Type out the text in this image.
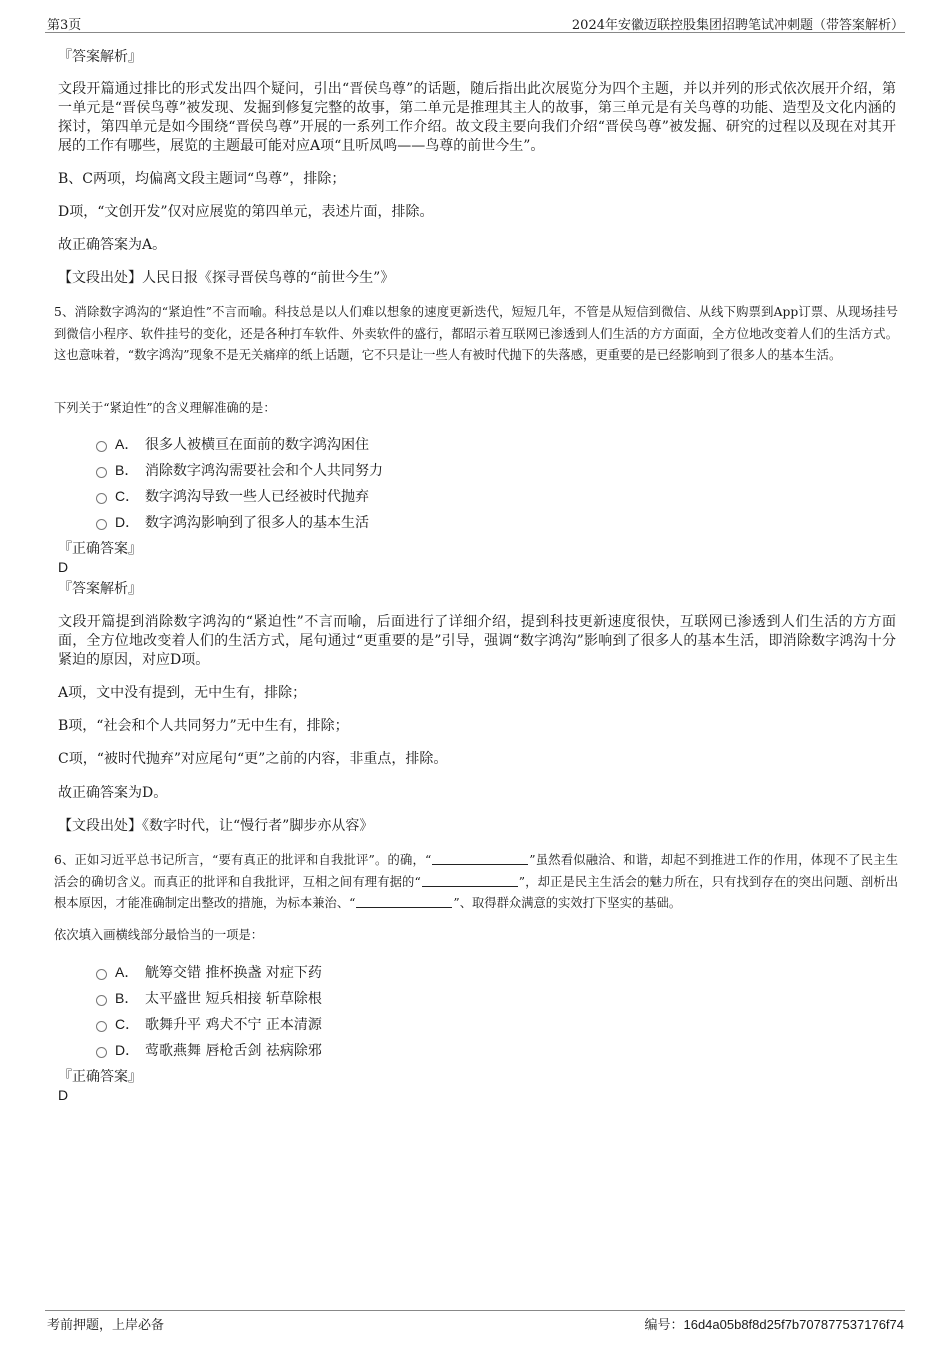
第3页	2024年安徽迈联控股集团招聘笔试冲刺题（带答案解析）

『答案解析』

文段开篇通过排比的形式发出四个疑问，引出“晋侯鸟尊”的话题，随后指出此次展览分为四个主题，并以并列的形式依次展开介绍，第一单元是“晋侯鸟尊”被发现、发掘到修复完整的故事，第二单元是推理其主人的故事，第三单元是有关鸟尊的功能、造型及文化内涵的探讨，第四单元是如今围绕“晋侯鸟尊”开展的一系列工作介绍。故文段主要向我们介绍“晋侯鸟尊”被发掘、研究的过程以及现在对其开展的工作有哪些，展览的主题最可能对应A项“且听凤鸣——鸟尊的前世今生”。

B、C两项，均偏离文段主题词“鸟尊”，排除；

D项，“文创开发”仅对应展览的第四单元，表述片面，排除。

故正确答案为A。

【文段出处】人民日报《探寻晋侯鸟尊的“前世今生”》

5、消除数字鸿沟的“紧迫性”不言而喻。科技总是以人们难以想象的速度更新迭代，短短几年，不管是从短信到微信、从线下购票到App订票、从现场挂号到微信小程序、软件挂号的变化，还是各种打车软件、外卖软件的盛行，都昭示着互联网已渗透到人们生活的方方面面，全方位地改变着人们的生活方式。这也意味着，“数字鸿沟”现象不是无关痛痒的纸上话题，它不只是让一些人有被时代抛下的失落感，更重要的是已经影响到了很多人的基本生活。

下列关于“紧迫性”的含义理解准确的是：

A． 很多人被横亘在面前的数字鸿沟困住
B． 消除数字鸿沟需要社会和个人共同努力
C． 数字鸿沟导致一些人已经被时代抛弃
D． 数字鸿沟影响到了很多人的基本生活

『正确答案』

D

『答案解析』

文段开篇提到消除数字鸿沟的“紧迫性”不言而喻，后面进行了详细介绍，提到科技更新速度很快，互联网已渗透到人们生活的方方面面，全方位地改变着人们的生活方式，尾句通过“更重要的是”引导，强调“数字鸿沟”影响到了很多人的基本生活，即消除数字鸿沟十分紧迫的原因，对应D项。

A项，文中没有提到，无中生有，排除；

B项，“社会和个人共同努力”无中生有，排除；

C项，“被时代抛弃”对应尾句“更”之前的内容，非重点，排除。

故正确答案为D。

【文段出处】《数字时代，让“慢行者”脚步亦从容》

6、正如习近平总书记所言，“要有真正的批评和自我批评”。的确，“	”虽然看似融洽、和谐，却起不到推进工作的作用，体现不了民主生活会的确切含义。而真正的批评和自我批评，互相之间有理有据的“	”，却正是民主生活会的魅力所在，只有找到存在的突出问题、剖析出根本原因，才能准确制定出整改的措施，为标本兼治、“	”、取得群众满意的实效打下坚实的基础。

依次填入画横线部分最恰当的一项是：

A． 觥筹交错 推杯换盏 对症下药
B． 太平盛世 短兵相接 斩草除根
C． 歌舞升平 鸡犬不宁 正本清源
D． 莺歌燕舞 唇枪舌剑 祛病除邪

『正确答案』

D

考前押题，上岸必备	编号：16d4a05b8f8d25f7b707877537176f74
